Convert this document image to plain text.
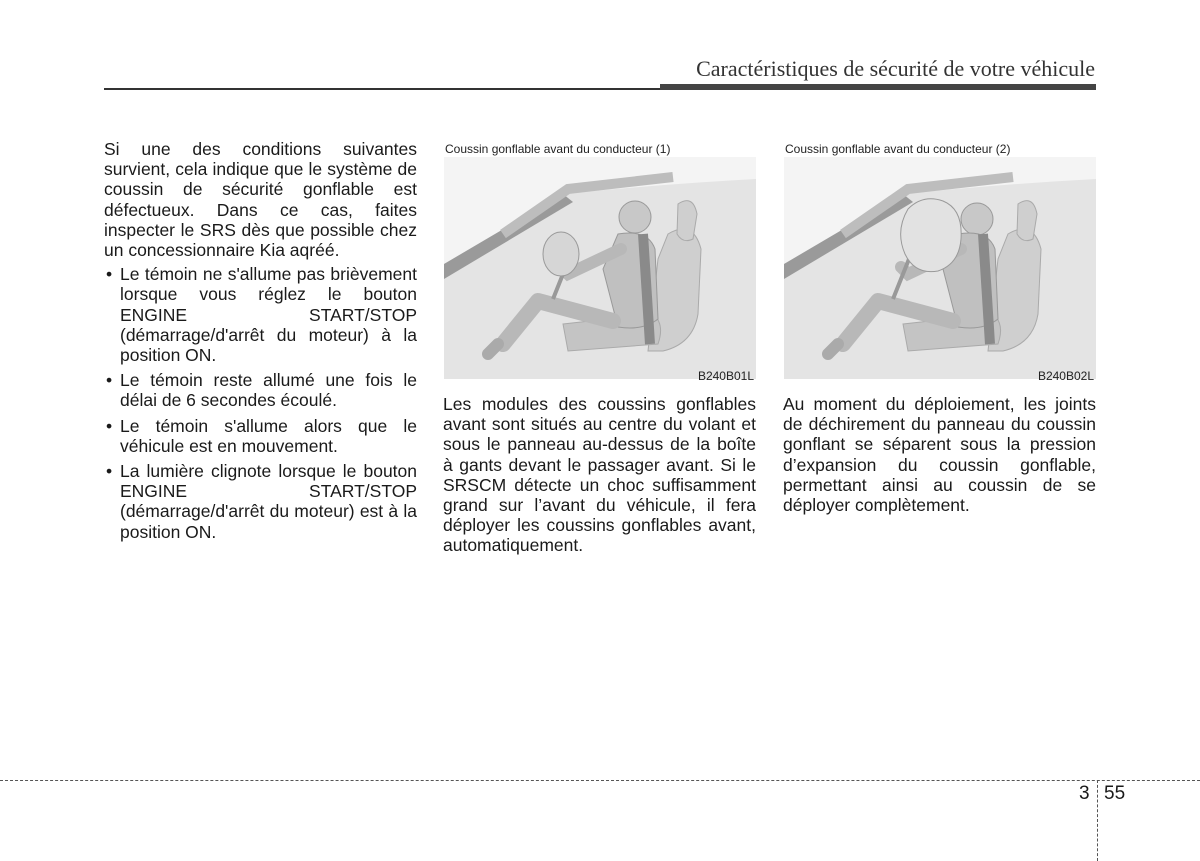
Caractéristiques de sécurité de votre véhicule

Si une des conditions suivantes survient, cela indique que le système de coussin de sécurité gonflable est défectueux. Dans ce cas, faites inspecter le SRS dès que possible chez un concessionnaire Kia aqréé.

• Le témoin ne s'allume pas brièvement lorsque vous réglez le bouton ENGINE START/STOP (démarrage/d'arrêt du moteur) à la position ON.
• Le témoin reste allumé une fois le délai de 6 secondes écoulé.
• Le témoin s'allume alors que le véhicule est en mouvement.
• La lumière clignote lorsque le bouton ENGINE START/STOP (démarrage/d'arrêt du moteur) est à la position ON.
Coussin gonflable avant du conducteur (1)
B240B01L
Coussin gonflable avant du conducteur (2)
B240B02L

Les modules des coussins gonflables avant sont situés au centre du volant et sous le panneau au-dessus de la boîte à gants devant le passager avant. Si le SRSCM détecte un choc suffisamment grand sur l’avant du véhicule, il fera déployer les coussins gonflables avant, automatiquement.

Au moment du déploiement, les joints de déchirement du panneau du coussin gonflant se séparent sous la pression d’expansion du coussin gonflable, permettant ainsi au coussin de se déployer complètement.

3 55
